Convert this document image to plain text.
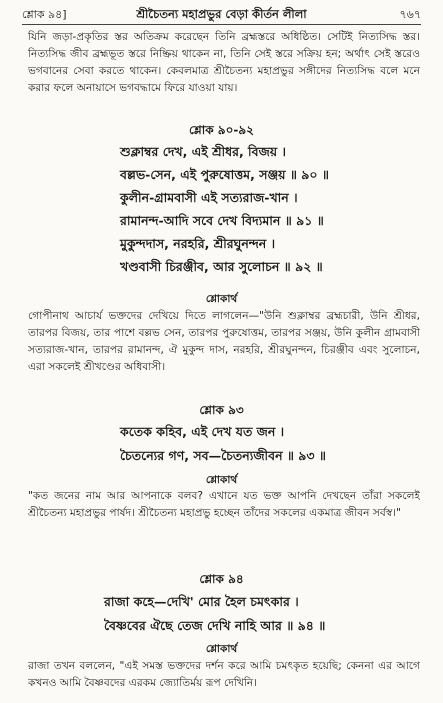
শ্লোক ৯৪]	শ্রীচৈতন্য মহাপ্রভুর বেড়া কীর্তন লীলা	৭৬৭

যিনি জড়া-প্রকৃতির স্তর অতিক্রম করেছেন তিনি ব্রহ্মস্তরে অধিষ্ঠিত। সেটিই নিত্যসিদ্ধ স্তর। নিত্যসিদ্ধ জীব ব্রহ্মভূত স্তরে নিষ্ক্রিয় থাকেন না, তিনি সেই স্তরে সক্রিয় হন; অর্থাৎ সেই স্তরেও ভগবানের সেবা করতে থাকেন। কেবলমাত্র শ্রীচৈতন্য মহাপ্রভুর সঙ্গীদের নিত্যসিদ্ধ বলে মনে করার ফলে অনায়াসে ভগবদ্ধামে ফিরে যাওয়া যায়।

শ্লোক ৯০-৯২

শুক্লাম্বর দেখ, এই শ্রীধর, বিজয় ।

বল্লভ-সেন, এই পুরুষোত্তম, সঞ্জয় ॥ ৯০ ॥

কুলীন-গ্রামবাসী এই সত্যরাজ-খান ।

রামানন্দ-আদি সবে দেখ বিদ্যমান ॥ ৯১ ॥

মুকুন্দদাস, নরহরি, শ্রীরঘুনন্দন ।

খণ্ডবাসী চিরঞ্জীব, আর সুলোচন ॥ ৯২ ॥

শ্লোকার্থ

গোপীনাথ আচার্য ভক্তদের দেখিয়ে দিতে লাগলেন—"উনি শুক্লাম্বর ব্রহ্মচারী, উনি শ্রীধর, তারপর বিজয়, তার পাশে বল্লভ সেন, তারপর পুরুষোত্তম, তারপর সঞ্জয়, উনি কুলীন গ্রামবাসী সত্যরাজ-খান, তারপর রামানন্দ, ঐ মুকুন্দ দাস, নরহরি, শ্রীরঘুনন্দন, চিরঞ্জীব এবং সুলোচন, এরা সকলেই শ্রীখণ্ডের অধিবাসী।

শ্লোক ৯৩

কতেক কহিব, এই দেখ যত জন ।

চৈতন্যের গণ, সব—চৈতন্যজীবন ॥ ৯৩ ॥

শ্লোকার্থ

"কত জনের নাম আর আপনাকে বলব? এখানে যত ভক্ত আপনি দেখছেন তাঁরা সকলেই শ্রীচৈতন্য মহাপ্রভুর পার্ষদ। শ্রীচৈতন্য মহাপ্রভু হচ্ছেন তাঁদের সকলের একমাত্র জীবন সর্বস্ব।"

শ্লোক ৯৪

রাজা কহে—দেখি' মোর হৈল চমৎকার ।

বৈষ্ণবের ঐছে তেজ দেখি নাহি আর ॥ ৯৪ ॥

শ্লোকার্থ

রাজা তখন বললেন, "এই সমস্ত ভক্তদের দর্শন করে আমি চমৎকৃত হয়েছি; কেননা এর আগে কখনও আমি বৈষ্ণবদের এরকম জ্যোতির্ময় রূপ দেখিনি।
